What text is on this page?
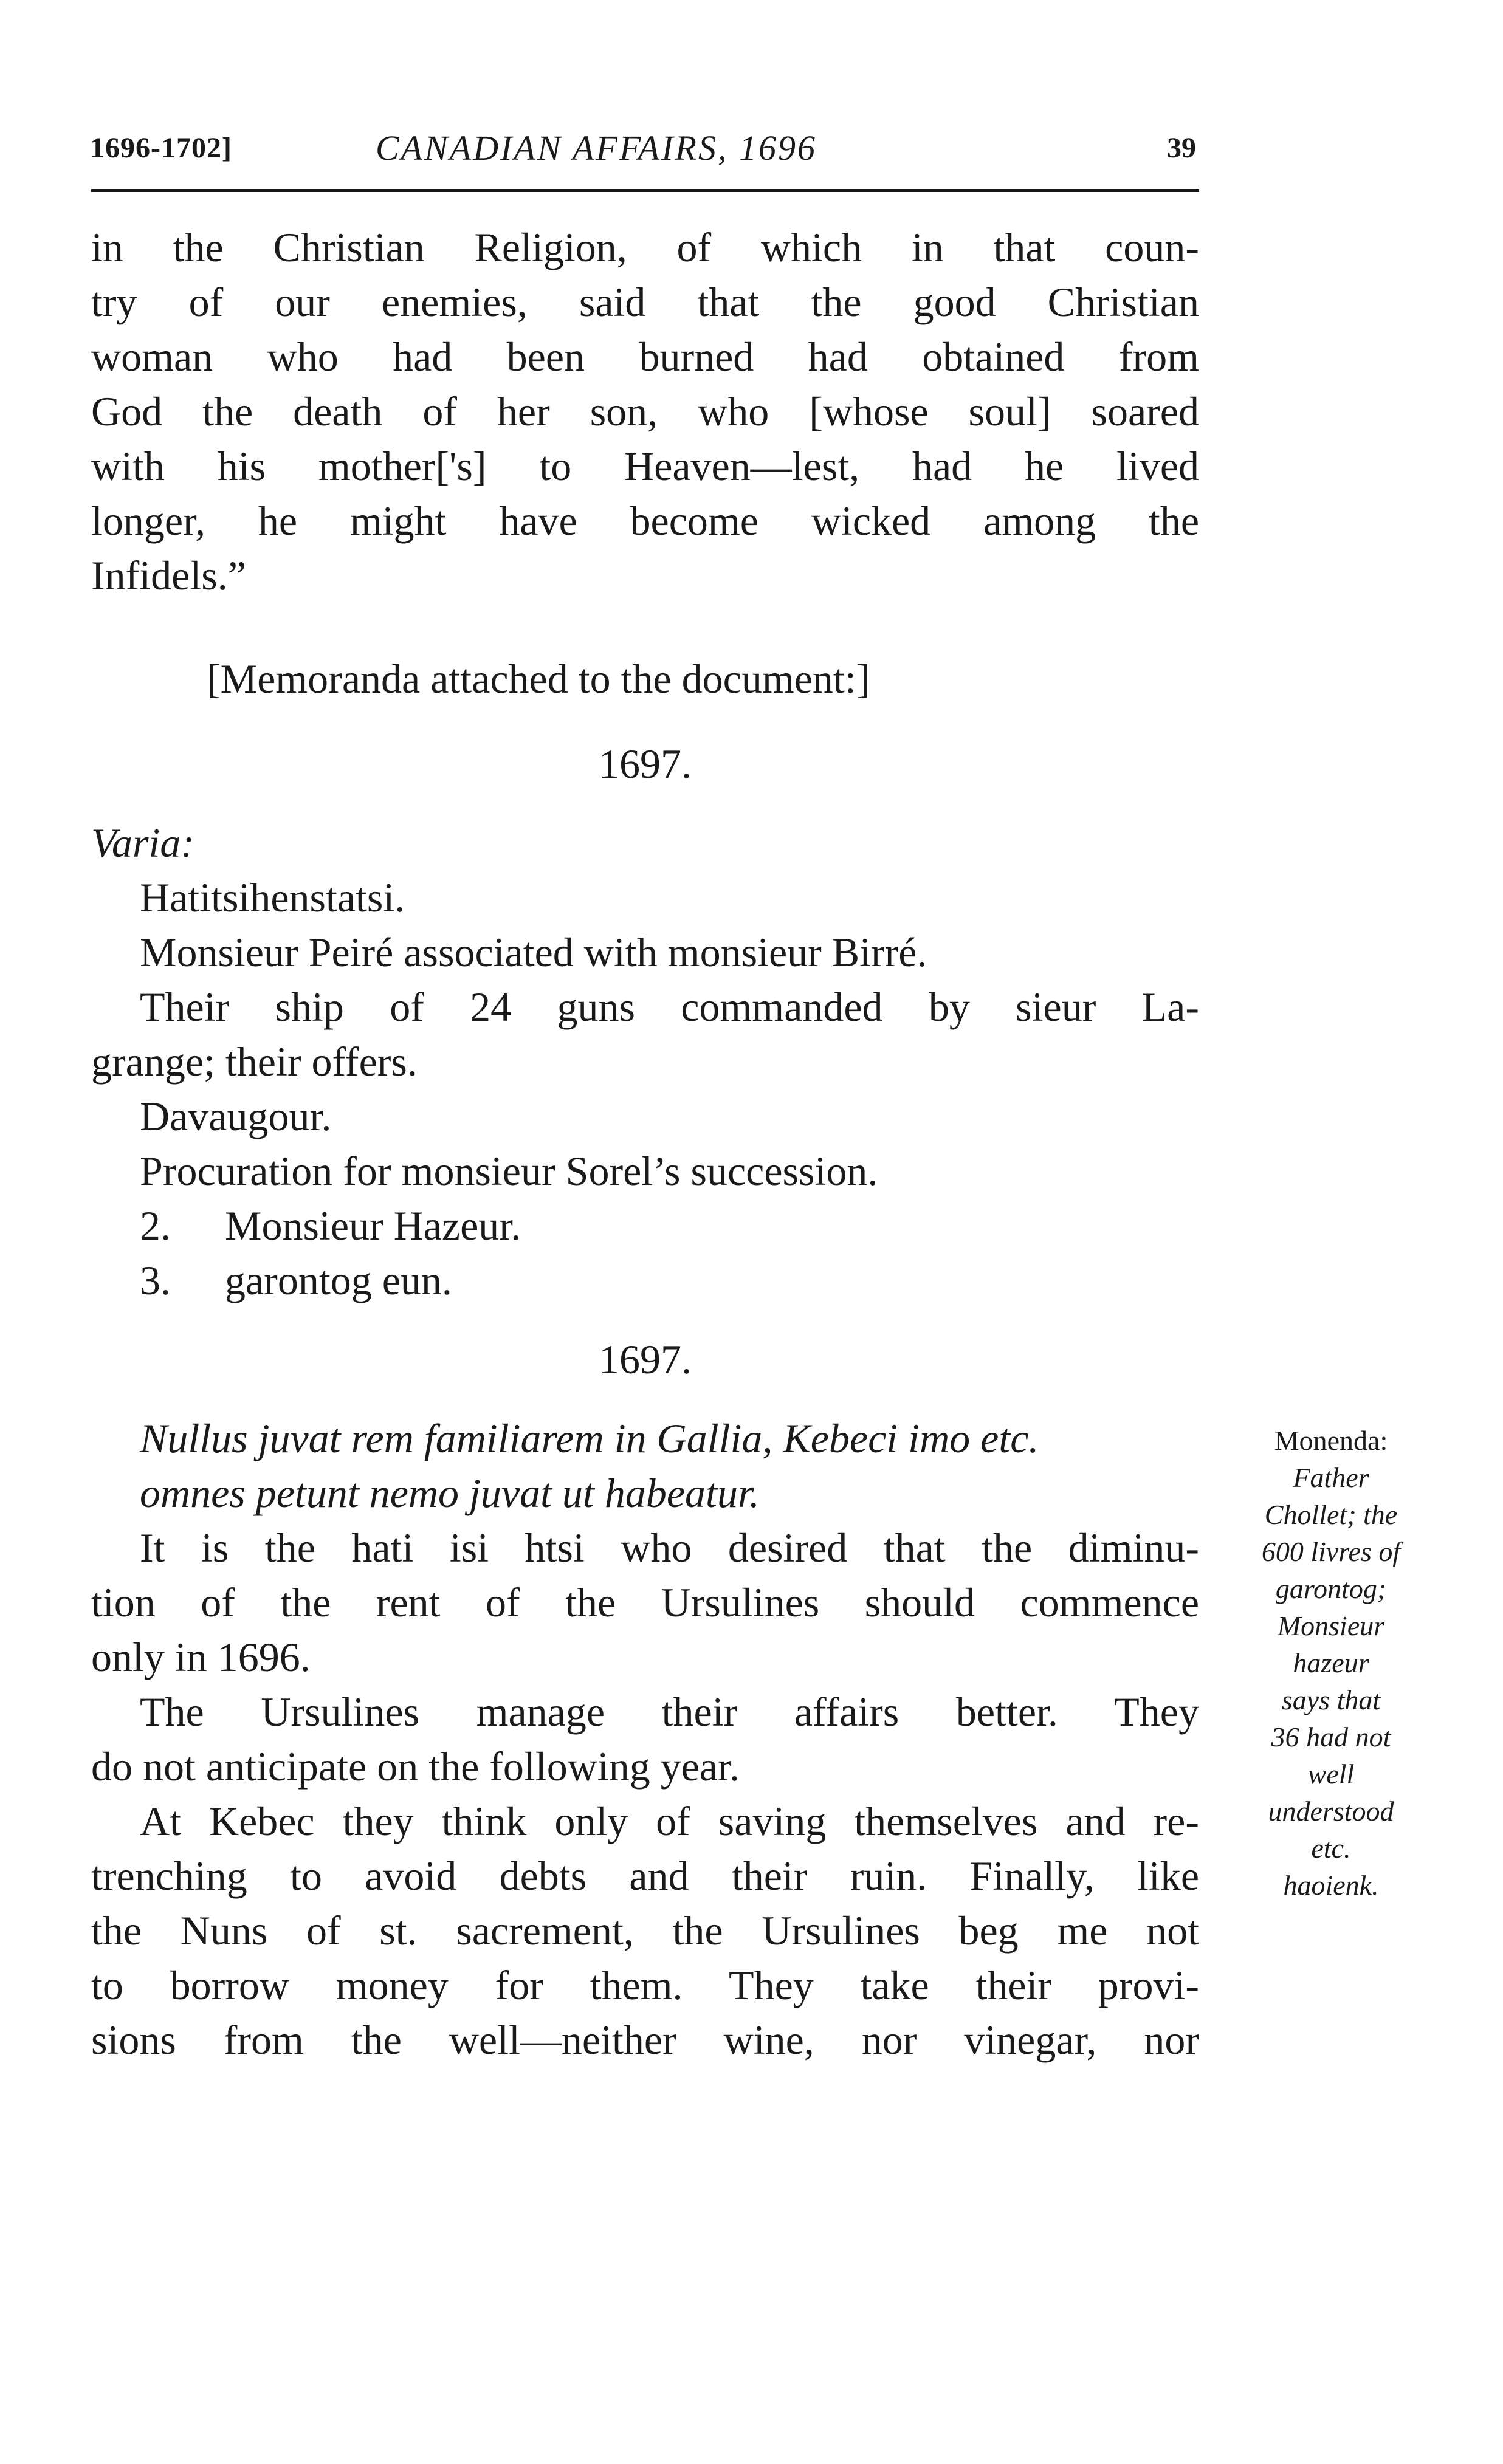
1696-1702]	CANADIAN AFFAIRS, 1696	39
in the Christian Religion, of which in that coun-
try of our enemies, said that the good Christian
woman who had been burned had obtained from
God the death of her son, who [whose soul] soared
with his mother['s] to Heaven—lest, had he lived
longer, he might have become wicked among the
Infidels.”
[Memoranda attached to the document:]
1697.
Varia:
Hatitsihenstatsi.
Monsieur Peiré associated with monsieur Birré.
Their ship of 24 guns commanded by sieur La-
grange; their offers.
Davaugour.
Procuration for monsieur Sorel’s succession.
2. Monsieur Hazeur.
3. garontog eun.
1697.
Nullus juvat rem familiarem in Gallia, Kebeci imo etc.
omnes petunt nemo juvat ut habeatur.
It is the hati isi htsi who desired that the diminu-
tion of the rent of the Ursulines should commence
only in 1696.
The Ursulines manage their affairs better. They
do not anticipate on the following year.
At Kebec they think only of saving themselves and re-
trenching to avoid debts and their ruin. Finally, like
the Nuns of st. sacrement, the Ursulines beg me not
to borrow money for them. They take their provi-
sions from the well—neither wine, nor vinegar, nor
Monenda:
Father
Chollet; the
600 livres of
garontog;
Monsieur
hazeur
says that
36 had not
well
understood
etc.
haoienk.
